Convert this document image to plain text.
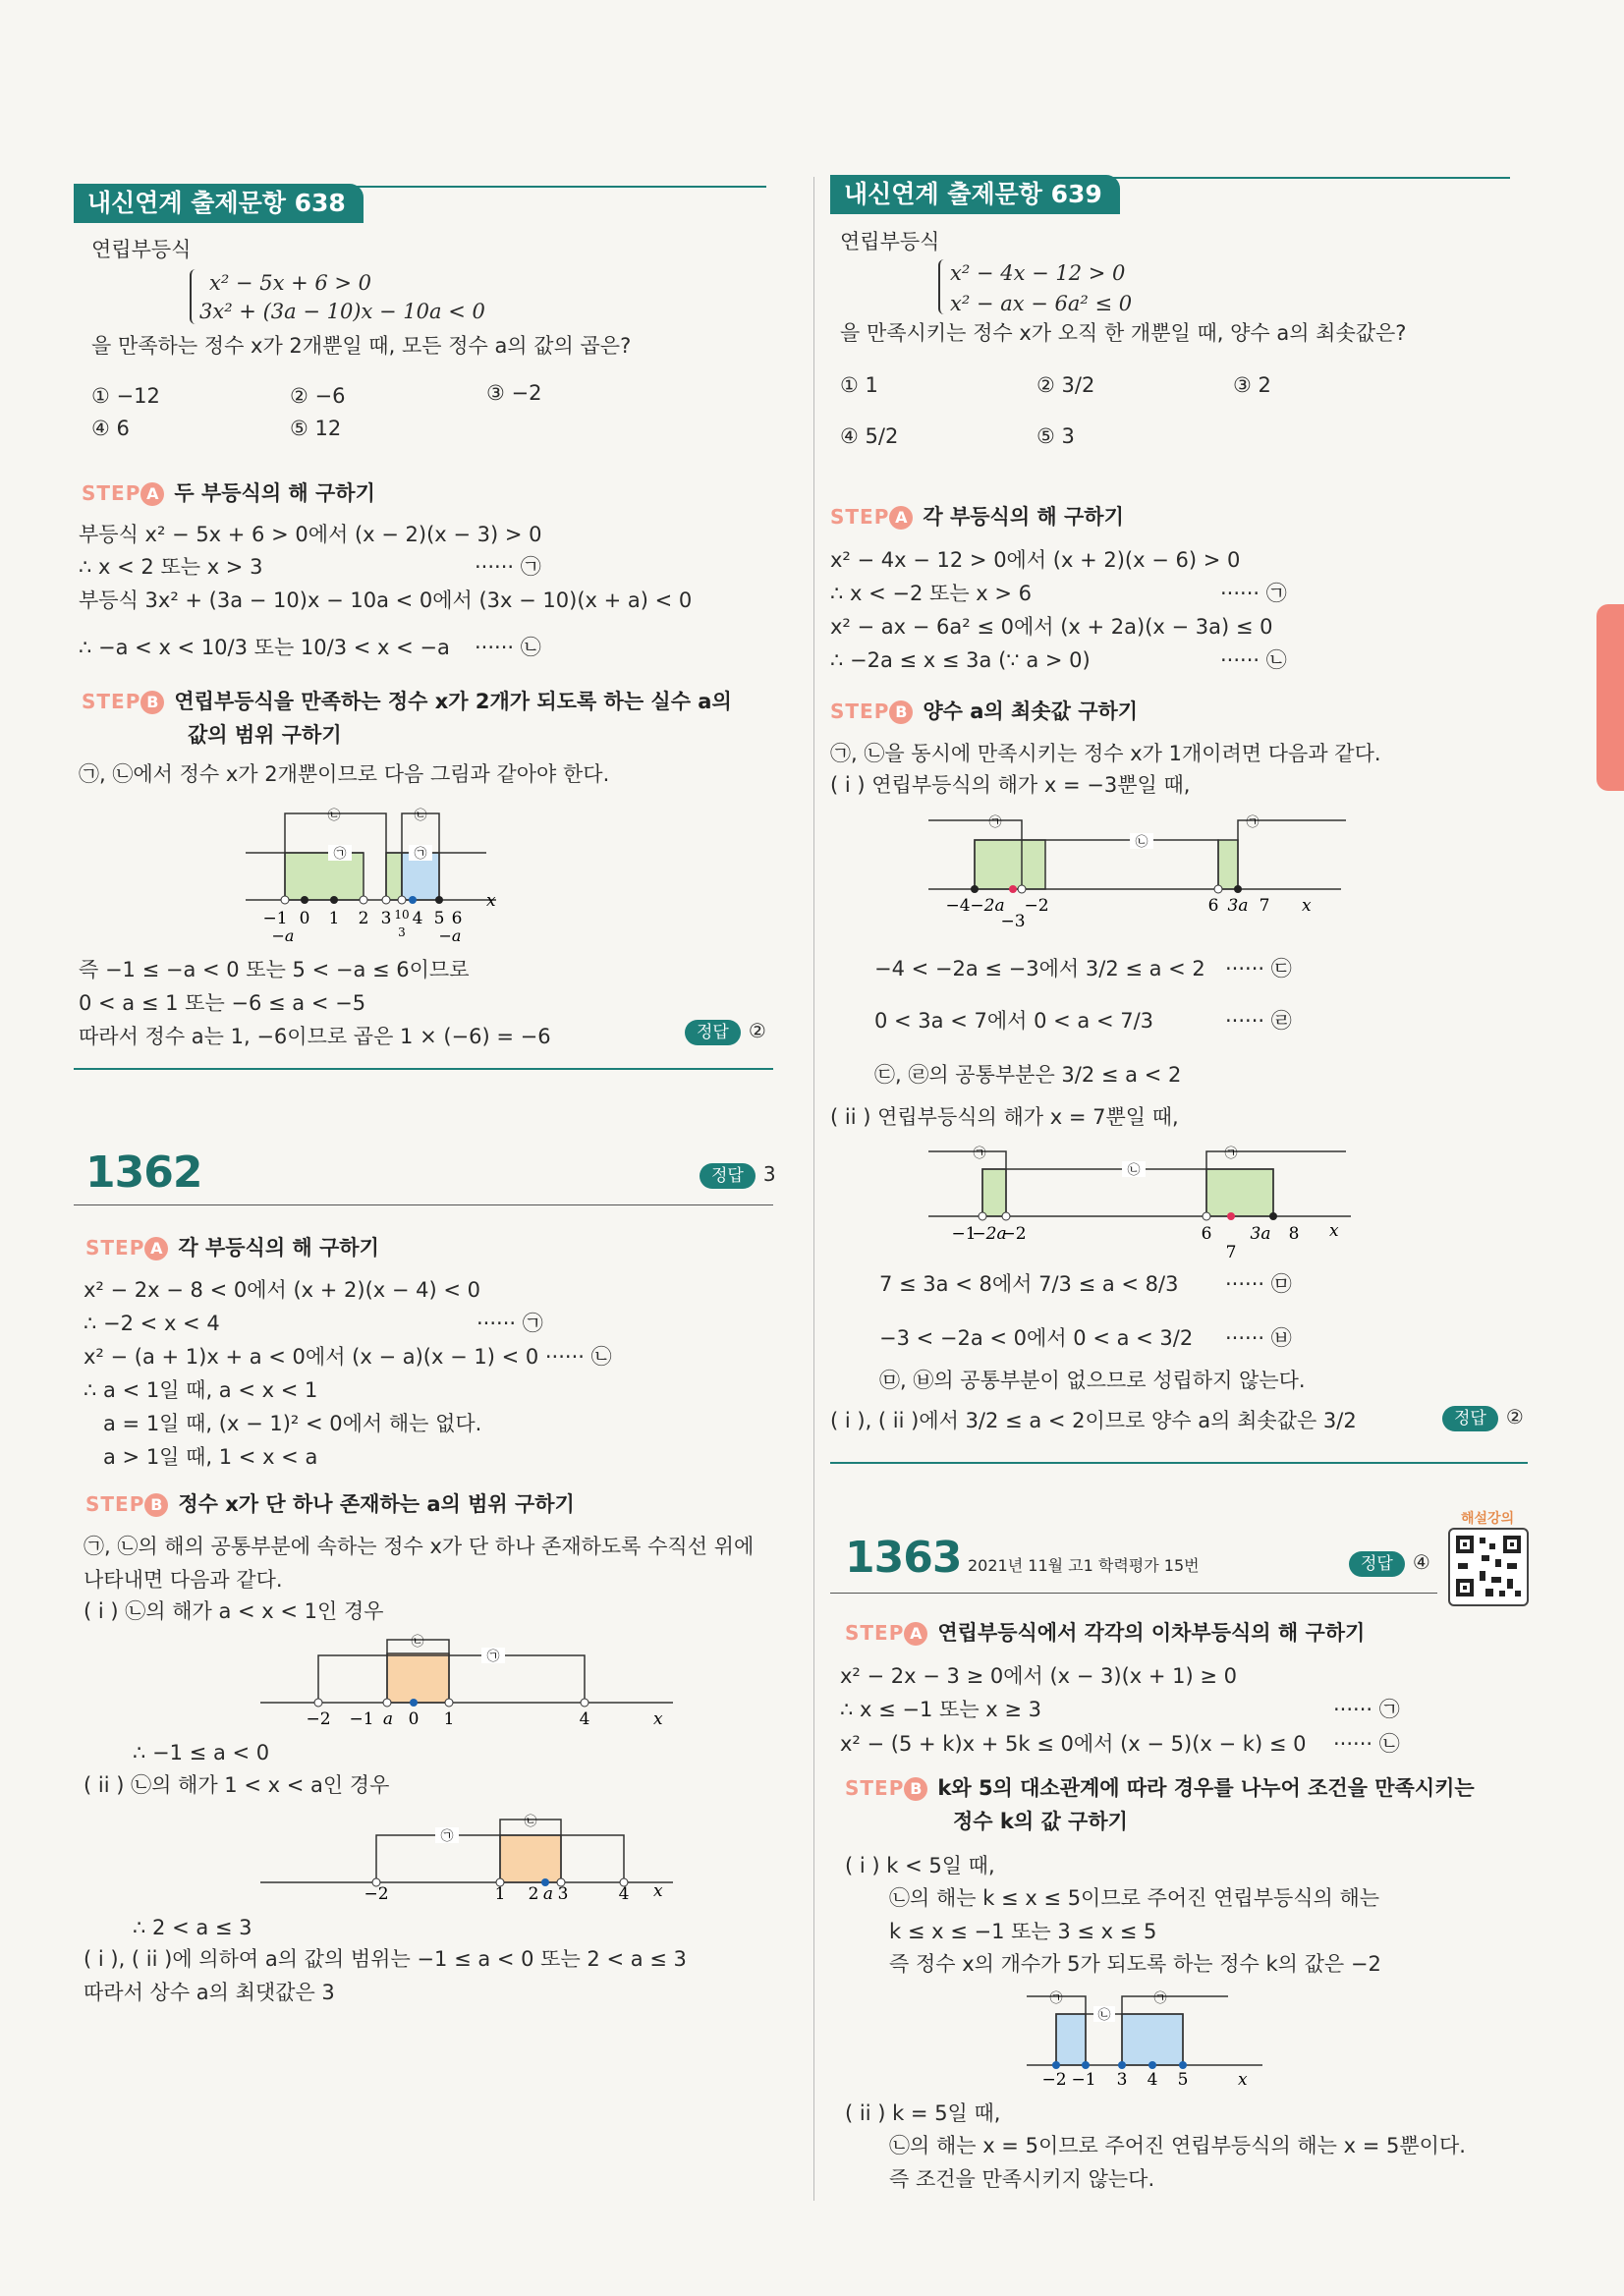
내신연계 출제문항 638
연립부등식
x² − 5x + 6 > 0
3x² + (3a − 10)x − 10a < 0
을 만족하는 정수 x가 2개뿐일 때, 모든 정수 a의 값의 곱은?
① −12	② −6	③ −2
④ 6	⑤ 12
STEP A 두 부등식의 해 구하기
부등식 x² − 5x + 6 > 0에서 (x − 2)(x − 3) > 0
∴ x < 2 또는 x > 3	······ ㉠
부등식 3x² + (3a − 10)x − 10a < 0에서 (3x − 10)(x + a) < 0
∴ −a < x < 10/3 또는 10/3 < x < −a ······ ㉡
STEP B 연립부등식을 만족하는 정수 x가 2개가 되도록 하는 실수 a의
값의 범위 구하기
㉠, ㉡에서 정수 x가 2개뿐이므로 다음 그림과 같아야 한다.
㉠	㉠
㉡	㉡
−1 0 1 2 3 10
3
4 5 6
−a	−a
x
즉 −1 ≤ −a < 0 또는 5 < −a ≤ 6이므로
0 < a ≤ 1 또는 −6 ≤ a < −5
따라서 정수 a는 1, −6이므로 곱은 1 × (−6) = −6	정답 ②
1362	정답 3
STEP A 각 부등식의 해 구하기
x² − 2x − 8 < 0에서 (x + 2)(x − 4) < 0
∴ −2 < x < 4	······ ㉠
x² − (a + 1)x + a < 0에서 (x − a)(x − 1) < 0 ······ ㉡
∴ a < 1일 때, a < x < 1
a = 1일 때, (x − 1)² < 0에서 해는 없다.
a > 1일 때, 1 < x < a
STEP B 정수 x가 단 하나 존재하는 a의 범위 구하기
㉠, ㉡의 해의 공통부분에 속하는 정수 x가 단 하나 존재하도록 수직선 위에
나타내면 다음과 같다.
( i ) ㉡의 해가 a < x < 1인 경우
㉠
㉡
−2 −1 a 0 1	4	x
∴ −1 ≤ a < 0
( ii ) ㉡의 해가 1 < x < a인 경우
㉠
㉡
−2	1 2 a 3	4 x
∴ 2 < a ≤ 3
( i ), ( ii )에 의하여 a의 값의 범위는 −1 ≤ a < 0 또는 2 < a ≤ 3
따라서 상수 a의 최댓값은 3
내신연계 출제문항 639
연립부등식
x² − 4x − 12 > 0
x² − ax − 6a² ≤ 0
을 만족시키는 정수 x가 오직 한 개뿐일 때, 양수 a의 최솟값은?
① 1	② 3/2	③ 2
④ 5/2	⑤ 3
STEP A 각 부등식의 해 구하기
x² − 4x − 12 > 0에서 (x + 2)(x − 6) > 0
∴ x < −2 또는 x > 6	······ ㉠
x² − ax − 6a² ≤ 0에서 (x + 2a)(x − 3a) ≤ 0
∴ −2a ≤ x ≤ 3a (∵ a > 0)	······ ㉡
STEP B 양수 a의 최솟값 구하기
㉠, ㉡을 동시에 만족시키는 정수 x가 1개이려면 다음과 같다.
( i ) 연립부등식의 해가 x = −3뿐일 때,
㉡
㉠	㉠
−4 −2a −2
−3
6 3a 7 x
−4 < −2a ≤ −3에서 3/2 ≤ a < 2 ······ ㉢
0 < 3a < 7에서 0 < a < 7/3	······ ㉣
㉢, ㉣의 공통부분은 3/2 ≤ a < 2
( ii ) 연립부등식의 해가 x = 7뿐일 때,
㉡
㉠	㉠
−1
−2a
−2	6
7
3a 8 x
7 ≤ 3a < 8에서 7/3 ≤ a < 8/3 ······ ㉤
−3 < −2a < 0에서 0 < a < 3/2 ······ ㉥
㉤, ㉥의 공통부분이 없으므로 성립하지 않는다.
( i ), ( ii )에서 3/2 ≤ a < 2이므로 양수 a의 최솟값은 3/2	정답 ②
1363 2021년 11월 고1 학력평가 15번	정답 ④
해설강의
STEP A 연립부등식에서 각각의 이차부등식의 해 구하기
x² − 2x − 3 ≥ 0에서 (x − 3)(x + 1) ≥ 0
∴ x ≤ −1 또는 x ≥ 3	······ ㉠
x² − (5 + k)x + 5k ≤ 0에서 (x − 5)(x − k) ≤ 0 ······ ㉡
STEP B k와 5의 대소관계에 따라 경우를 나누어 조건을 만족시키는
정수 k의 값 구하기
( i ) k < 5일 때,
㉡의 해는 k ≤ x ≤ 5이므로 주어진 연립부등식의 해는
k ≤ x ≤ −1 또는 3 ≤ x ≤ 5
즉 정수 x의 개수가 5가 되도록 하는 정수 k의 값은 −2
㉡
㉠	㉠
−2 −1 3 4 5	x
( ii ) k = 5일 때,
㉡의 해는 x = 5이므로 주어진 연립부등식의 해는 x = 5뿐이다.
즉 조건을 만족시키지 않는다.
